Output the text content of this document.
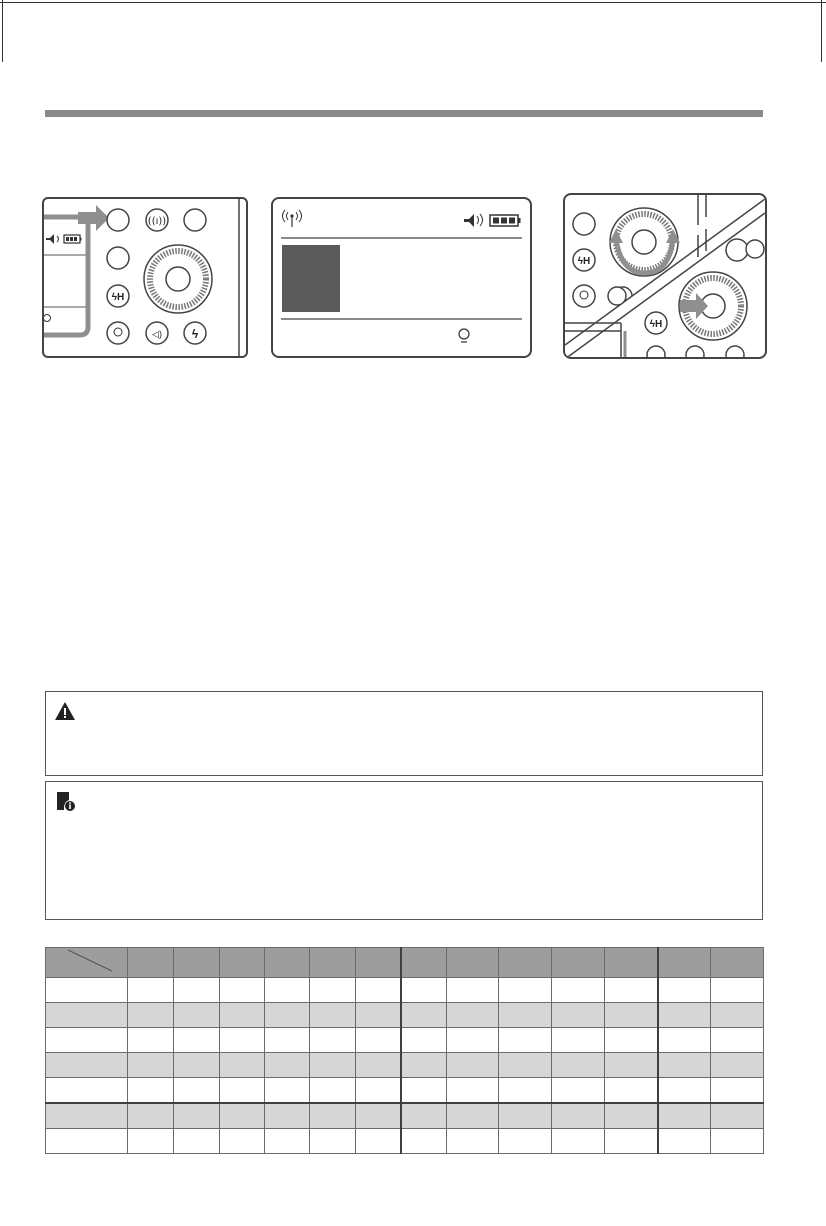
((ı))
ϟH
◁) ϟ
ϟH
ϟH
